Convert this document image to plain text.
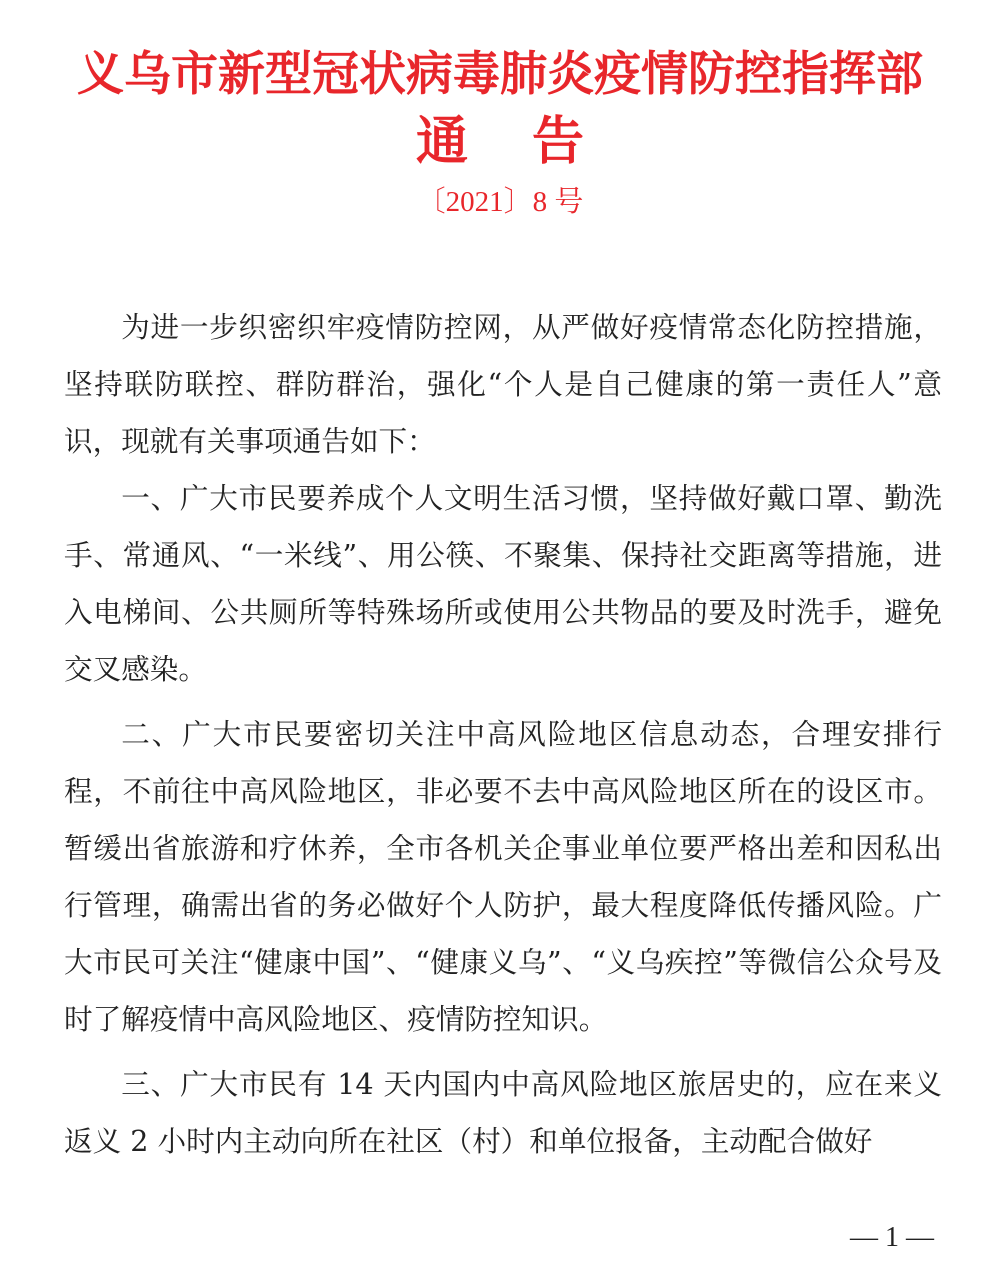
义乌市新型冠状病毒肺炎疫情防控指挥部
通告
〔2021〕8 号

为进一步织密织牢疫情防控网，从严做好疫情常态化防控措施，坚持联防联控、群防群治，强化“个人是自己健康的第一责任人”意识，现就有关事项通告如下：

一、广大市民要养成个人文明生活习惯，坚持做好戴口罩、勤洗手、常通风、“一米线”、用公筷、不聚集、保持社交距离等措施，进入电梯间、公共厕所等特殊场所或使用公共物品的要及时洗手，避免交叉感染。

二、广大市民要密切关注中高风险地区信息动态，合理安排行程，不前往中高风险地区，非必要不去中高风险地区所在的设区市。暂缓出省旅游和疗休养，全市各机关企事业单位要严格出差和因私出行管理，确需出省的务必做好个人防护，最大程度降低传播风险。广大市民可关注“健康中国”、“健康义乌”、“义乌疾控”等微信公众号及时了解疫情中高风险地区、疫情防控知识。

三、广大市民有 14 天内国内中高风险地区旅居史的，应在来义返义 2 小时内主动向所在社区（村）和单位报备，主动配合做好

— 1 —
